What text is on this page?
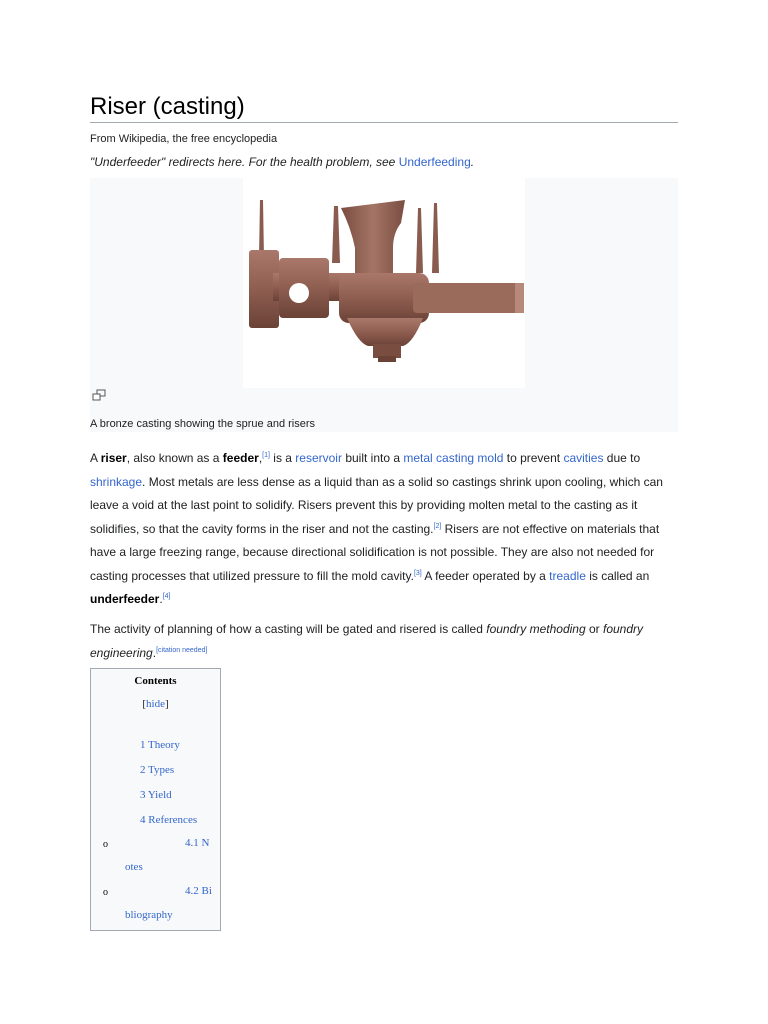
Riser (casting)
From Wikipedia, the free encyclopedia
"Underfeeder" redirects here. For the health problem, see Underfeeding.
A bronze casting showing the sprue and risers
A riser, also known as a feeder,[1] is a reservoir built into a metal casting mold to prevent cavities due to shrinkage. Most metals are less dense as a liquid than as a solid so castings shrink upon cooling, which can leave a void at the last point to solidify. Risers prevent this by providing molten metal to the casting as it solidifies, so that the cavity forms in the riser and not the casting.[2] Risers are not effective on materials that have a large freezing range, because directional solidification is not possible. They are also not needed for casting processes that utilized pressure to fill the mold cavity.[3] A feeder operated by a treadle is called an underfeeder.[4]
The activity of planning of how a casting will be gated and risered is called foundry methoding or foundry engineering.[citation needed]
Contents
[hide]
1 Theory
2 Types
3 Yield
4 References
o	4.1 N
otes
o	4.2 Bi
bliography
